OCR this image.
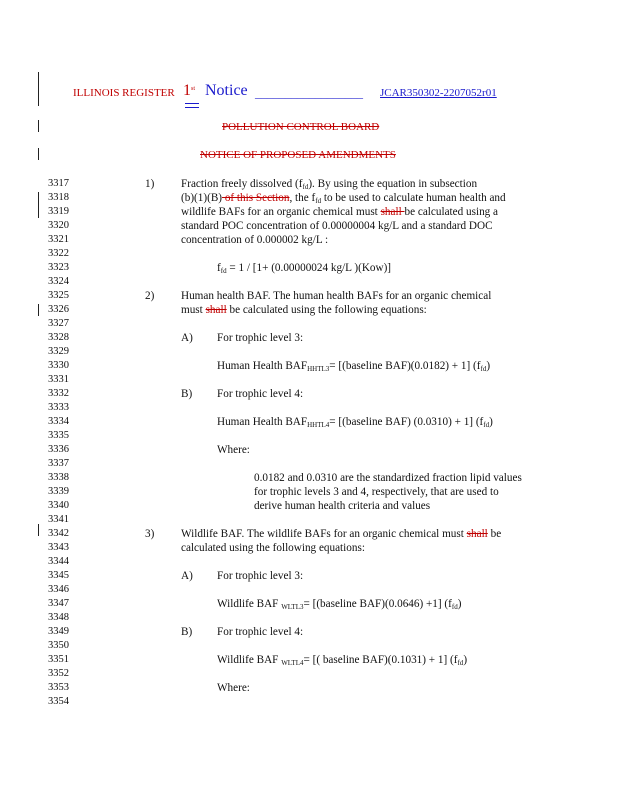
ILLINOIS REGISTER 1st Notice __________________ JCAR350302-2207052r01
POLLUTION CONTROL BOARD
NOTICE OF PROPOSED AMENDMENTS
3317
3318
3319
3320
3321
3322
3323
3324
3325
3326
3327
3328
3329
3330
3331
3332
3333
3334
3335
3336
3337
3338
3339
3340
3341
3342
3343
3344
3345
3346
3347
3348
3349
3350
3351
3352
3353
3354
1) Fraction freely dissolved $(f_{fd})$. By using the equation in subsection
(b)(1)(B) of this Section, the $f_{fd}$ to be used to calculate human health and
wildlife BAFs for an organic chemical must shall be calculated using a
standard POC concentration of 0.00000004 kg/L and a standard DOC
concentration of 0.000002 kg/L :
$f_{fd} = 1 / [1+ (0.00000024$ kg/L )(Kow)]
2) Human health BAF. The human health BAFs for an organic chemical
must shall be calculated using the following equations:
A) For trophic level 3:
Human Health $BAF_{HHTL3}=$ [(baseline BAF)(0.0182) + 1] $(f_{fd})$
B) For trophic level 4:
Human Health $BAF_{HHTL4}=$ [(baseline BAF) (0.0310) + 1] $(f_{fd})$
Where:
0.0182 and 0.0310 are the standardized fraction lipid values
for trophic levels 3 and 4, respectively, that are used to
derive human health criteria and values
3) Wildlife BAF. The wildlife BAFs for an organic chemical must shall be
calculated using the following equations:
A) For trophic level 3:
Wildlife BAF $_{WLTL3}$= [(baseline BAF)(0.0646) +1] $(f_{fd})$
B) For trophic level 4:
Wildlife BAF $_{WLTL4}$= [( baseline BAF)(0.1031) + 1] $(f_{fd})$
Where:
